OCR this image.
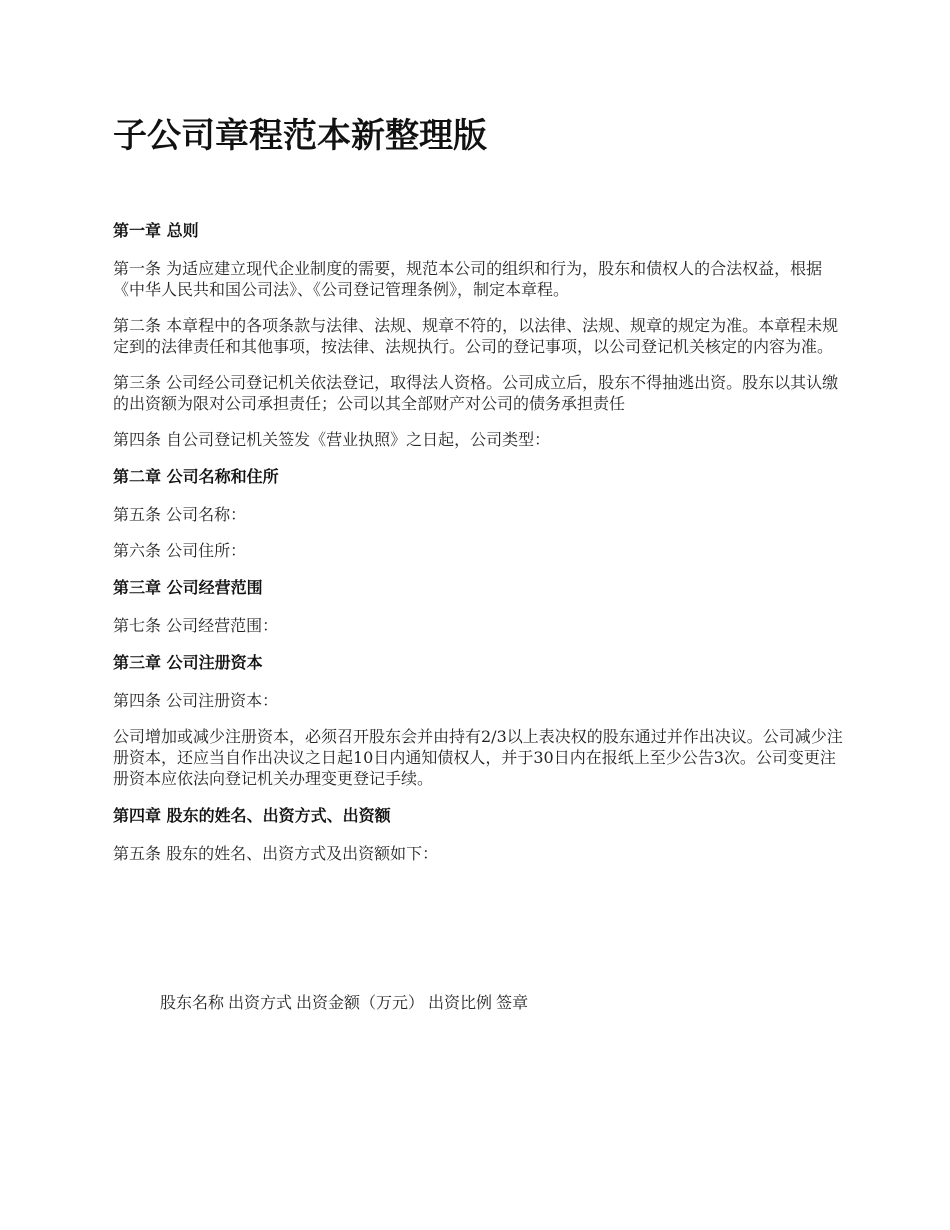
子公司章程范本新整理版
第一章 总则
第一条 为适应建立现代企业制度的需要，规范本公司的组织和行为，股东和债权人的合法权益，根据《中华人民共和国公司法》、《公司登记管理条例》，制定本章程。
第二条 本章程中的各项条款与法律、法规、规章不符的，以法律、法规、规章的规定为准。本章程未规定到的法律责任和其他事项，按法律、法规执行。公司的登记事项，以公司登记机关核定的内容为准。
第三条 公司经公司登记机关依法登记，取得法人资格。公司成立后，股东不得抽逃出资。股东以其认缴的出资额为限对公司承担责任；公司以其全部财产对公司的债务承担责任
第四条 自公司登记机关签发《营业执照》之日起，公司类型：
第二章 公司名称和住所
第五条 公司名称：
第六条 公司住所：
第三章 公司经营范围
第七条 公司经营范围：
第三章 公司注册资本
第四条 公司注册资本：
公司增加或减少注册资本，必须召开股东会并由持有2/3以上表决权的股东通过并作出决议。公司减少注册资本，还应当自作出决议之日起10日内通知债权人，并于30日内在报纸上至少公告3次。公司变更注册资本应依法向登记机关办理变更登记手续。
第四章 股东的姓名、出资方式、出资额
第五条 股东的姓名、出资方式及出资额如下：
股东名称 出资方式 出资金额（万元） 出资比例 签章
